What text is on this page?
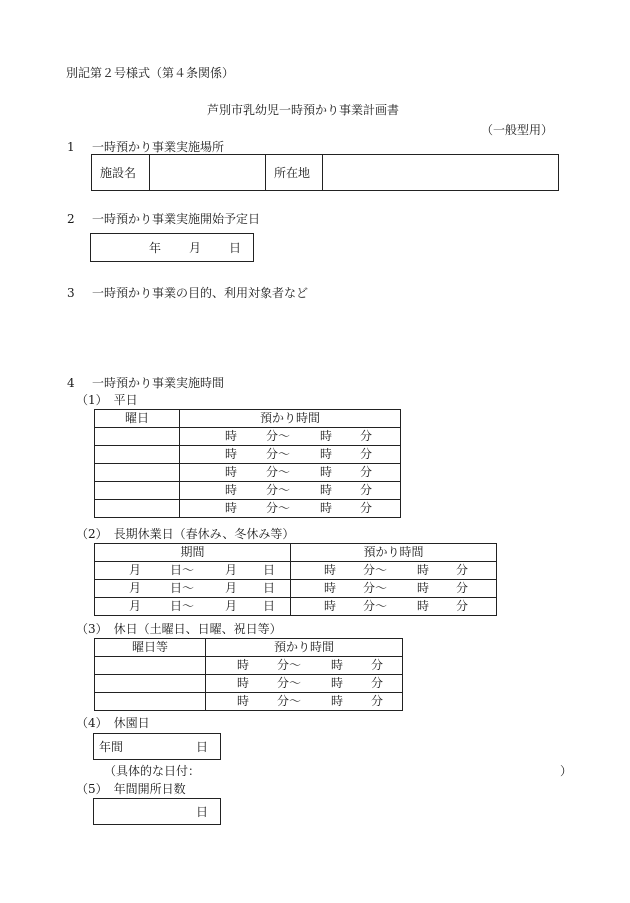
別記第２号様式（第４条関係）
芦別市乳幼児一時預かり事業計画書
（一般型用）
1 一時預かり事業実施場所
施設名		所在地	
2 一時預かり事業実施開始予定日
年 月 日
3 一時預かり事業の目的、利用対象者など
4 一時預かり事業実施時間
（1）　平日
曜日	預かり時間

	時 分～ 時 分

	時 分～ 時 分

	時 分～ 時 分

	時 分～ 時 分

	時 分～ 時 分
（2）　長期休業日（春休み、冬休み等）
期間	預かり時間

月 日～ 月 日	時 分～ 時 分

月 日～ 月 日	時 分～ 時 分

月 日～ 月 日	時 分～ 時 分
（3）　休日（土曜日、日曜、祝日等）
曜日等	預かり時間

	時 分～ 時 分

	時 分～ 時 分

	時 分～ 時 分
（4）　休園日
年間	日
（具体的な日付：	）
（5）　年間開所日数
日
